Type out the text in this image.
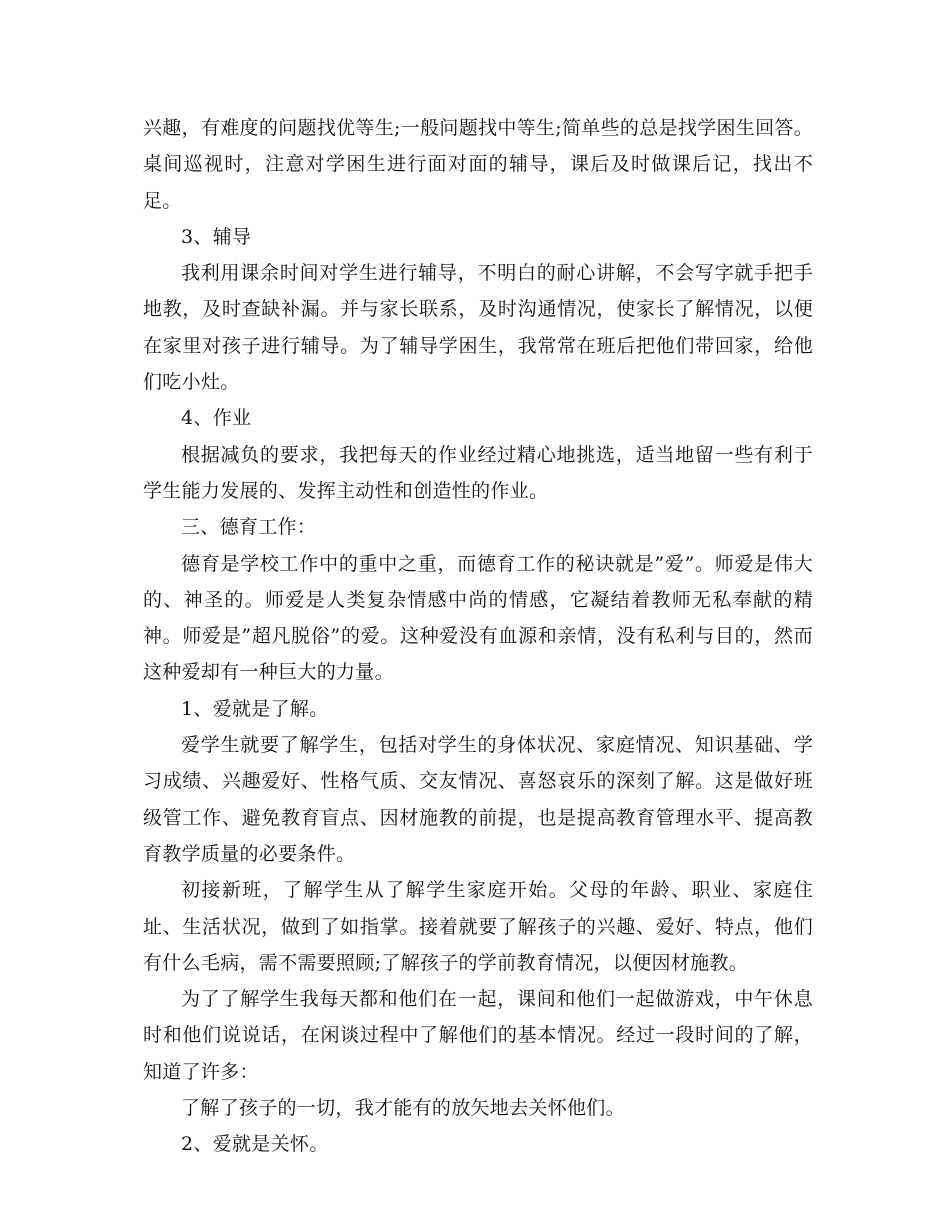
兴趣，有难度的问题找优等生;一般问题找中等生;简单些的总是找学困生回答。桌间巡视时，注意对学困生进行面对面的辅导，课后及时做课后记，找出不足。

3、辅导

我利用课余时间对学生进行辅导，不明白的耐心讲解，不会写字就手把手地教，及时查缺补漏。并与家长联系，及时沟通情况，使家长了解情况，以便在家里对孩子进行辅导。为了辅导学困生，我常常在班后把他们带回家，给他们吃小灶。

4、作业

根据减负的要求，我把每天的作业经过精心地挑选，适当地留一些有利于学生能力发展的、发挥主动性和创造性的作业。

三、德育工作：

德育是学校工作中的重中之重，而德育工作的秘诀就是”爱”。师爱是伟大的、神圣的。师爱是人类复杂情感中尚的情感，它凝结着教师无私奉献的精神。师爱是”超凡脱俗”的爱。这种爱没有血源和亲情，没有私利与目的，然而这种爱却有一种巨大的力量。

1、爱就是了解。

爱学生就要了解学生，包括对学生的身体状况、家庭情况、知识基础、学习成绩、兴趣爱好、性格气质、交友情况、喜怒哀乐的深刻了解。这是做好班级管工作、避免教育盲点、因材施教的前提，也是提高教育管理水平、提高教育教学质量的必要条件。

初接新班，了解学生从了解学生家庭开始。父母的年龄、职业、家庭住址、生活状况，做到了如指掌。接着就要了解孩子的兴趣、爱好、特点，他们有什么毛病，需不需要照顾;了解孩子的学前教育情况，以便因材施教。

为了了解学生我每天都和他们在一起，课间和他们一起做游戏，中午休息时和他们说说话，在闲谈过程中了解他们的基本情况。经过一段时间的了解，知道了许多：

了解了孩子的一切，我才能有的放矢地去关怀他们。

2、爱就是关怀。
